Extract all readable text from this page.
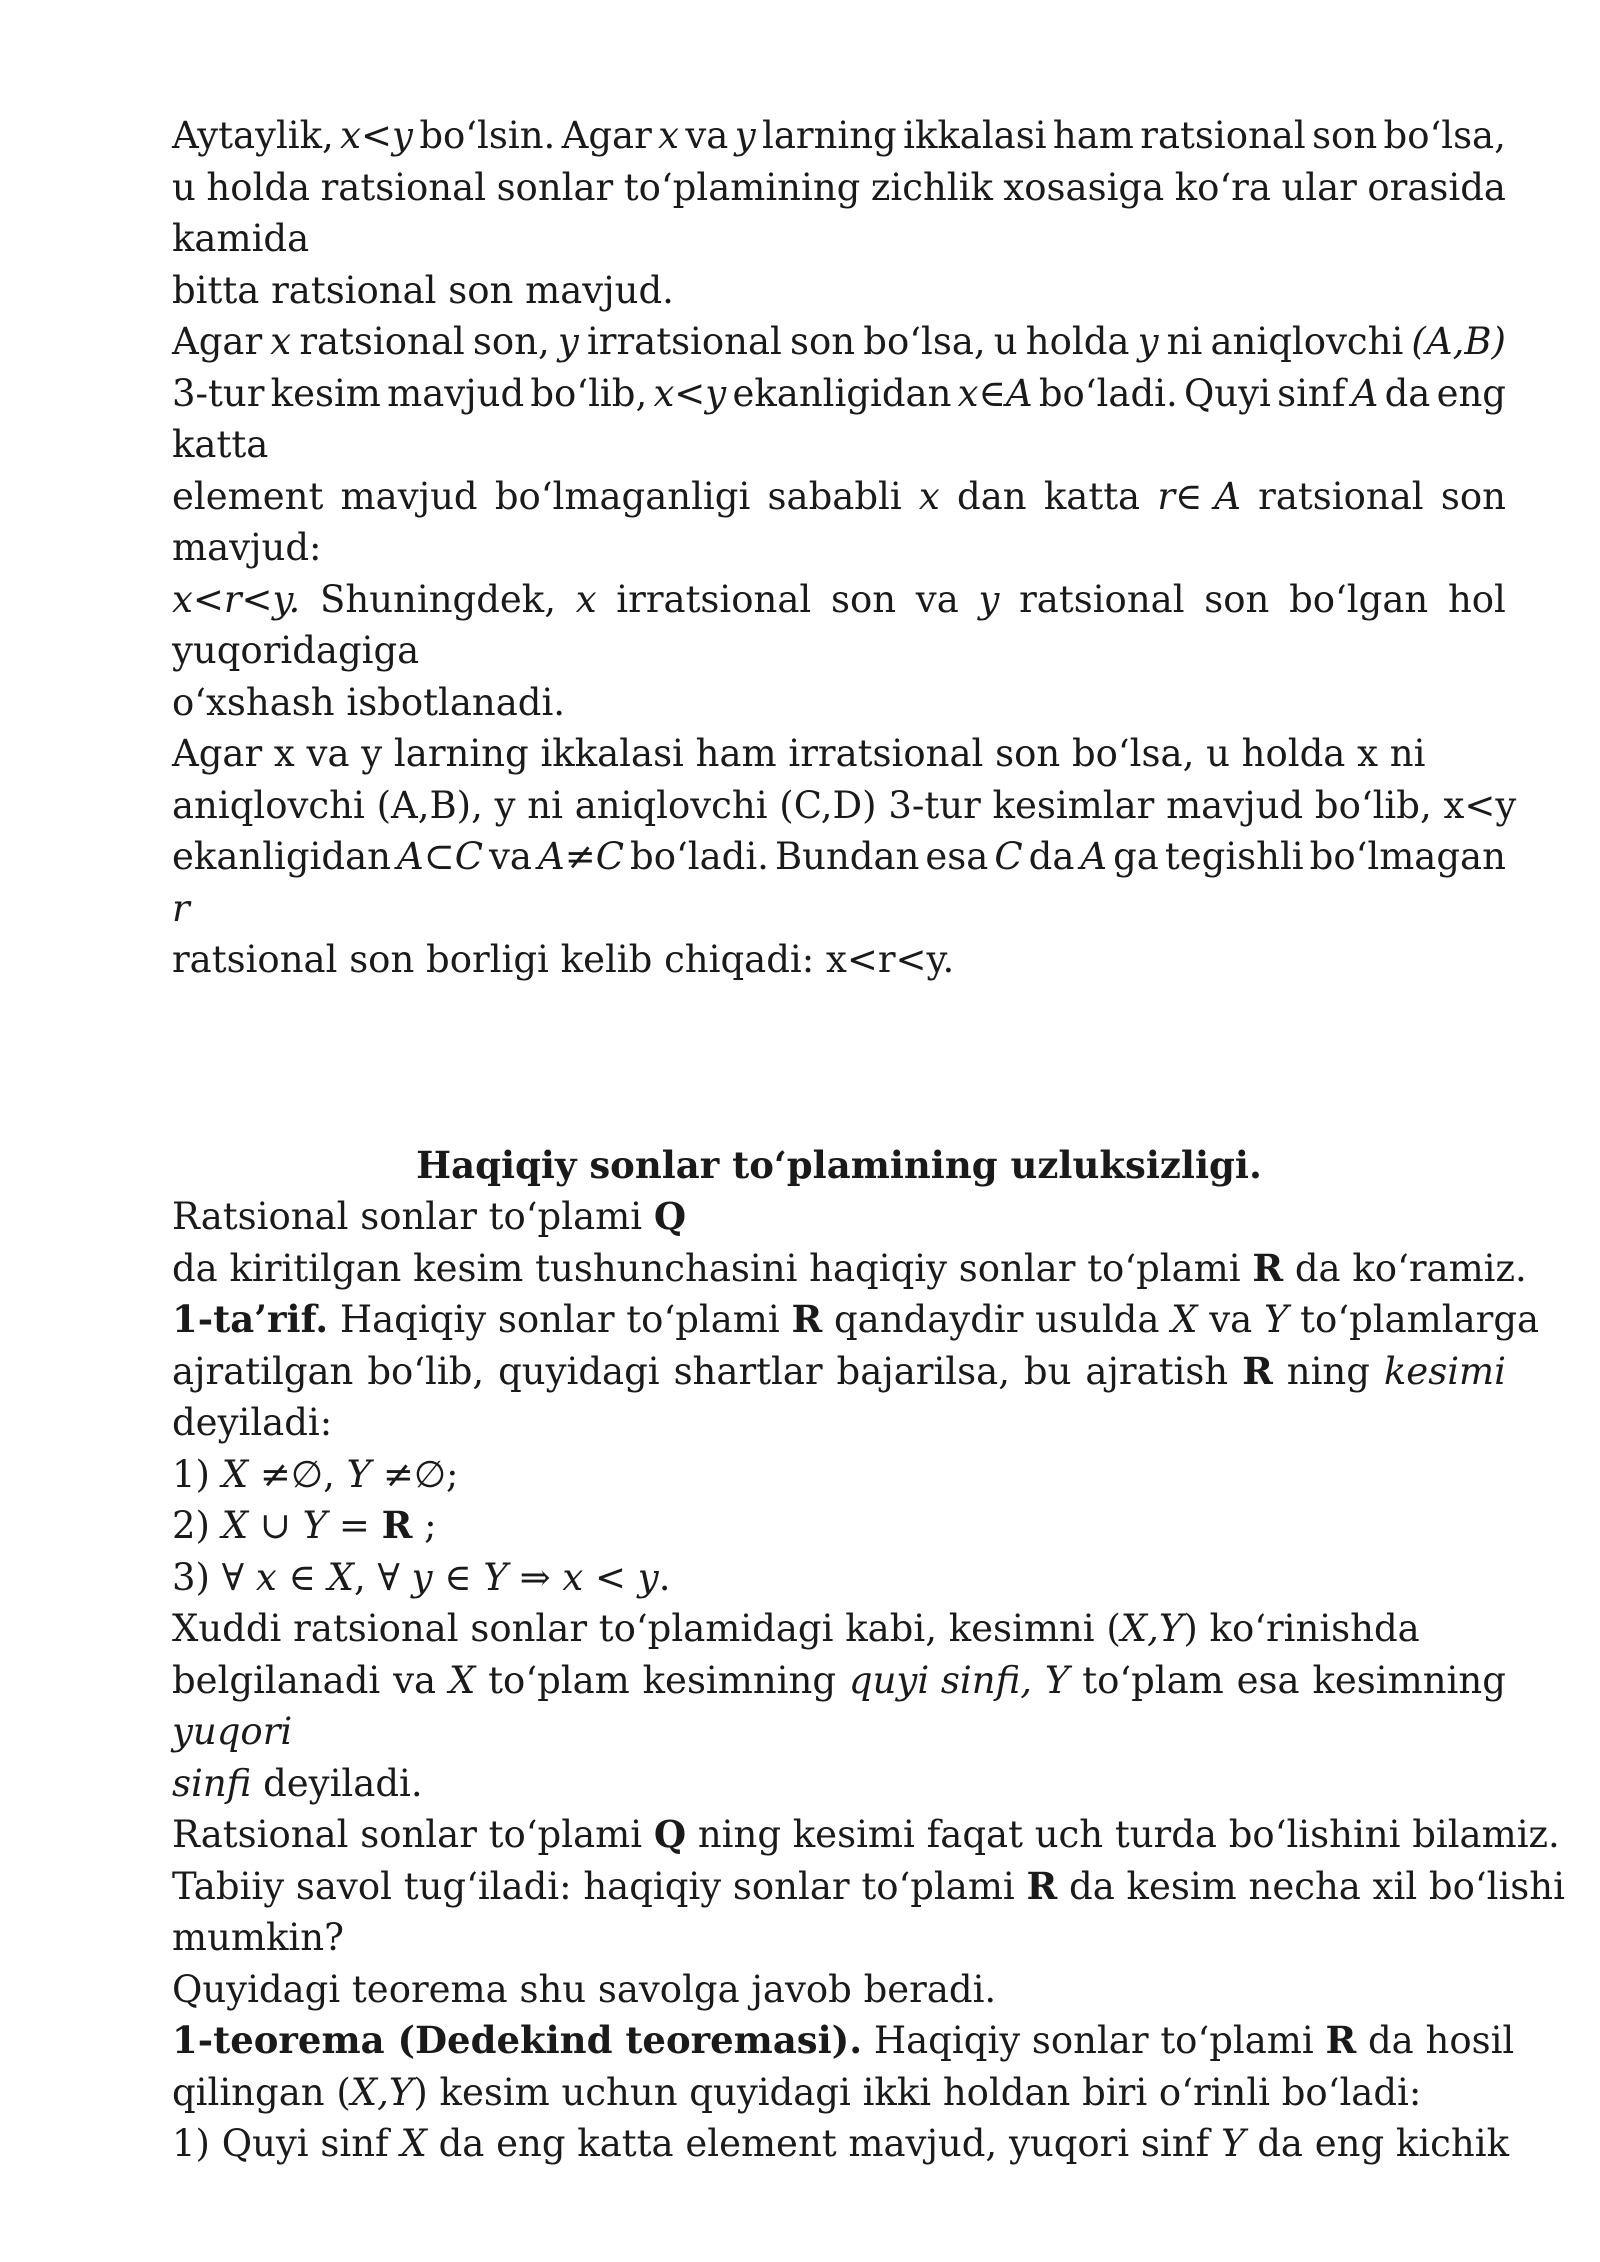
Aytaylik, x<y bo‘lsin. Agar x va y larning ikkalasi ham ratsional son bo‘lsa,
u holda ratsional sonlar to‘plamining zichlik xosasiga ko‘ra ular orasida
kamida
bitta ratsional son mavjud.
Agar x ratsional son, y irratsional son bo‘lsa, u holda y ni aniqlovchi (A,B)
3-tur kesim mavjud bo‘lib, x<y ekanligidan x∈A bo‘ladi. Quyi sinf A da eng
katta
element mavjud bo‘lmaganligi sababli x dan katta r∈ A ratsional son
mavjud:
x<r<y. Shuningdek, x irratsional son va y ratsional son bo‘lgan hol
yuqoridagiga
o‘xshash isbotlanadi.
Agar x va y larning ikkalasi ham irratsional son bo‘lsa, u holda x ni
aniqlovchi (A,B), y ni aniqlovchi (C,D) 3-tur kesimlar mavjud bo‘lib, x<y
ekanligidan A⊂C va A≠C bo‘ladi. Bundan esa C da A ga tegishli bo‘lmagan
r
ratsional son borligi kelib chiqadi: x<r<y.
Haqiqiy sonlar to‘plamining uzluksizligi.
Ratsional sonlar to‘plami Q
da kiritilgan kesim tushunchasini haqiqiy sonlar to‘plami R da ko‘ramiz.
1-ta’rif. Haqiqiy sonlar to‘plami R qandaydir usulda X va Y to‘plamlarga
ajratilgan bo‘lib, quyidagi shartlar bajarilsa, bu ajratish R ning kesimi
deyiladi:
1) X ≠∅, Y ≠∅;
2) X ∪ Y = R ;
3) ∀ x ∈ X, ∀ y ∈ Y ⇒ x < y.
Xuddi ratsional sonlar to‘plamidagi kabi, kesimni (X,Y) ko‘rinishda
belgilanadi va X to‘plam kesimning quyi sinfi, Y to‘plam esa kesimning
yuqori
sinfi deyiladi.
Ratsional sonlar to‘plami Q ning kesimi faqat uch turda bo‘lishini bilamiz.
Tabiiy savol tug‘iladi: haqiqiy sonlar to‘plami R da kesim necha xil bo‘lishi
mumkin?
Quyidagi teorema shu savolga javob beradi.
1-teorema (Dedekind teoremasi). Haqiqiy sonlar to‘plami R da hosil
qilingan (X,Y) kesim uchun quyidagi ikki holdan biri o‘rinli bo‘ladi:
1) Quyi sinf X da eng katta element mavjud, yuqori sinf Y da eng kichik
